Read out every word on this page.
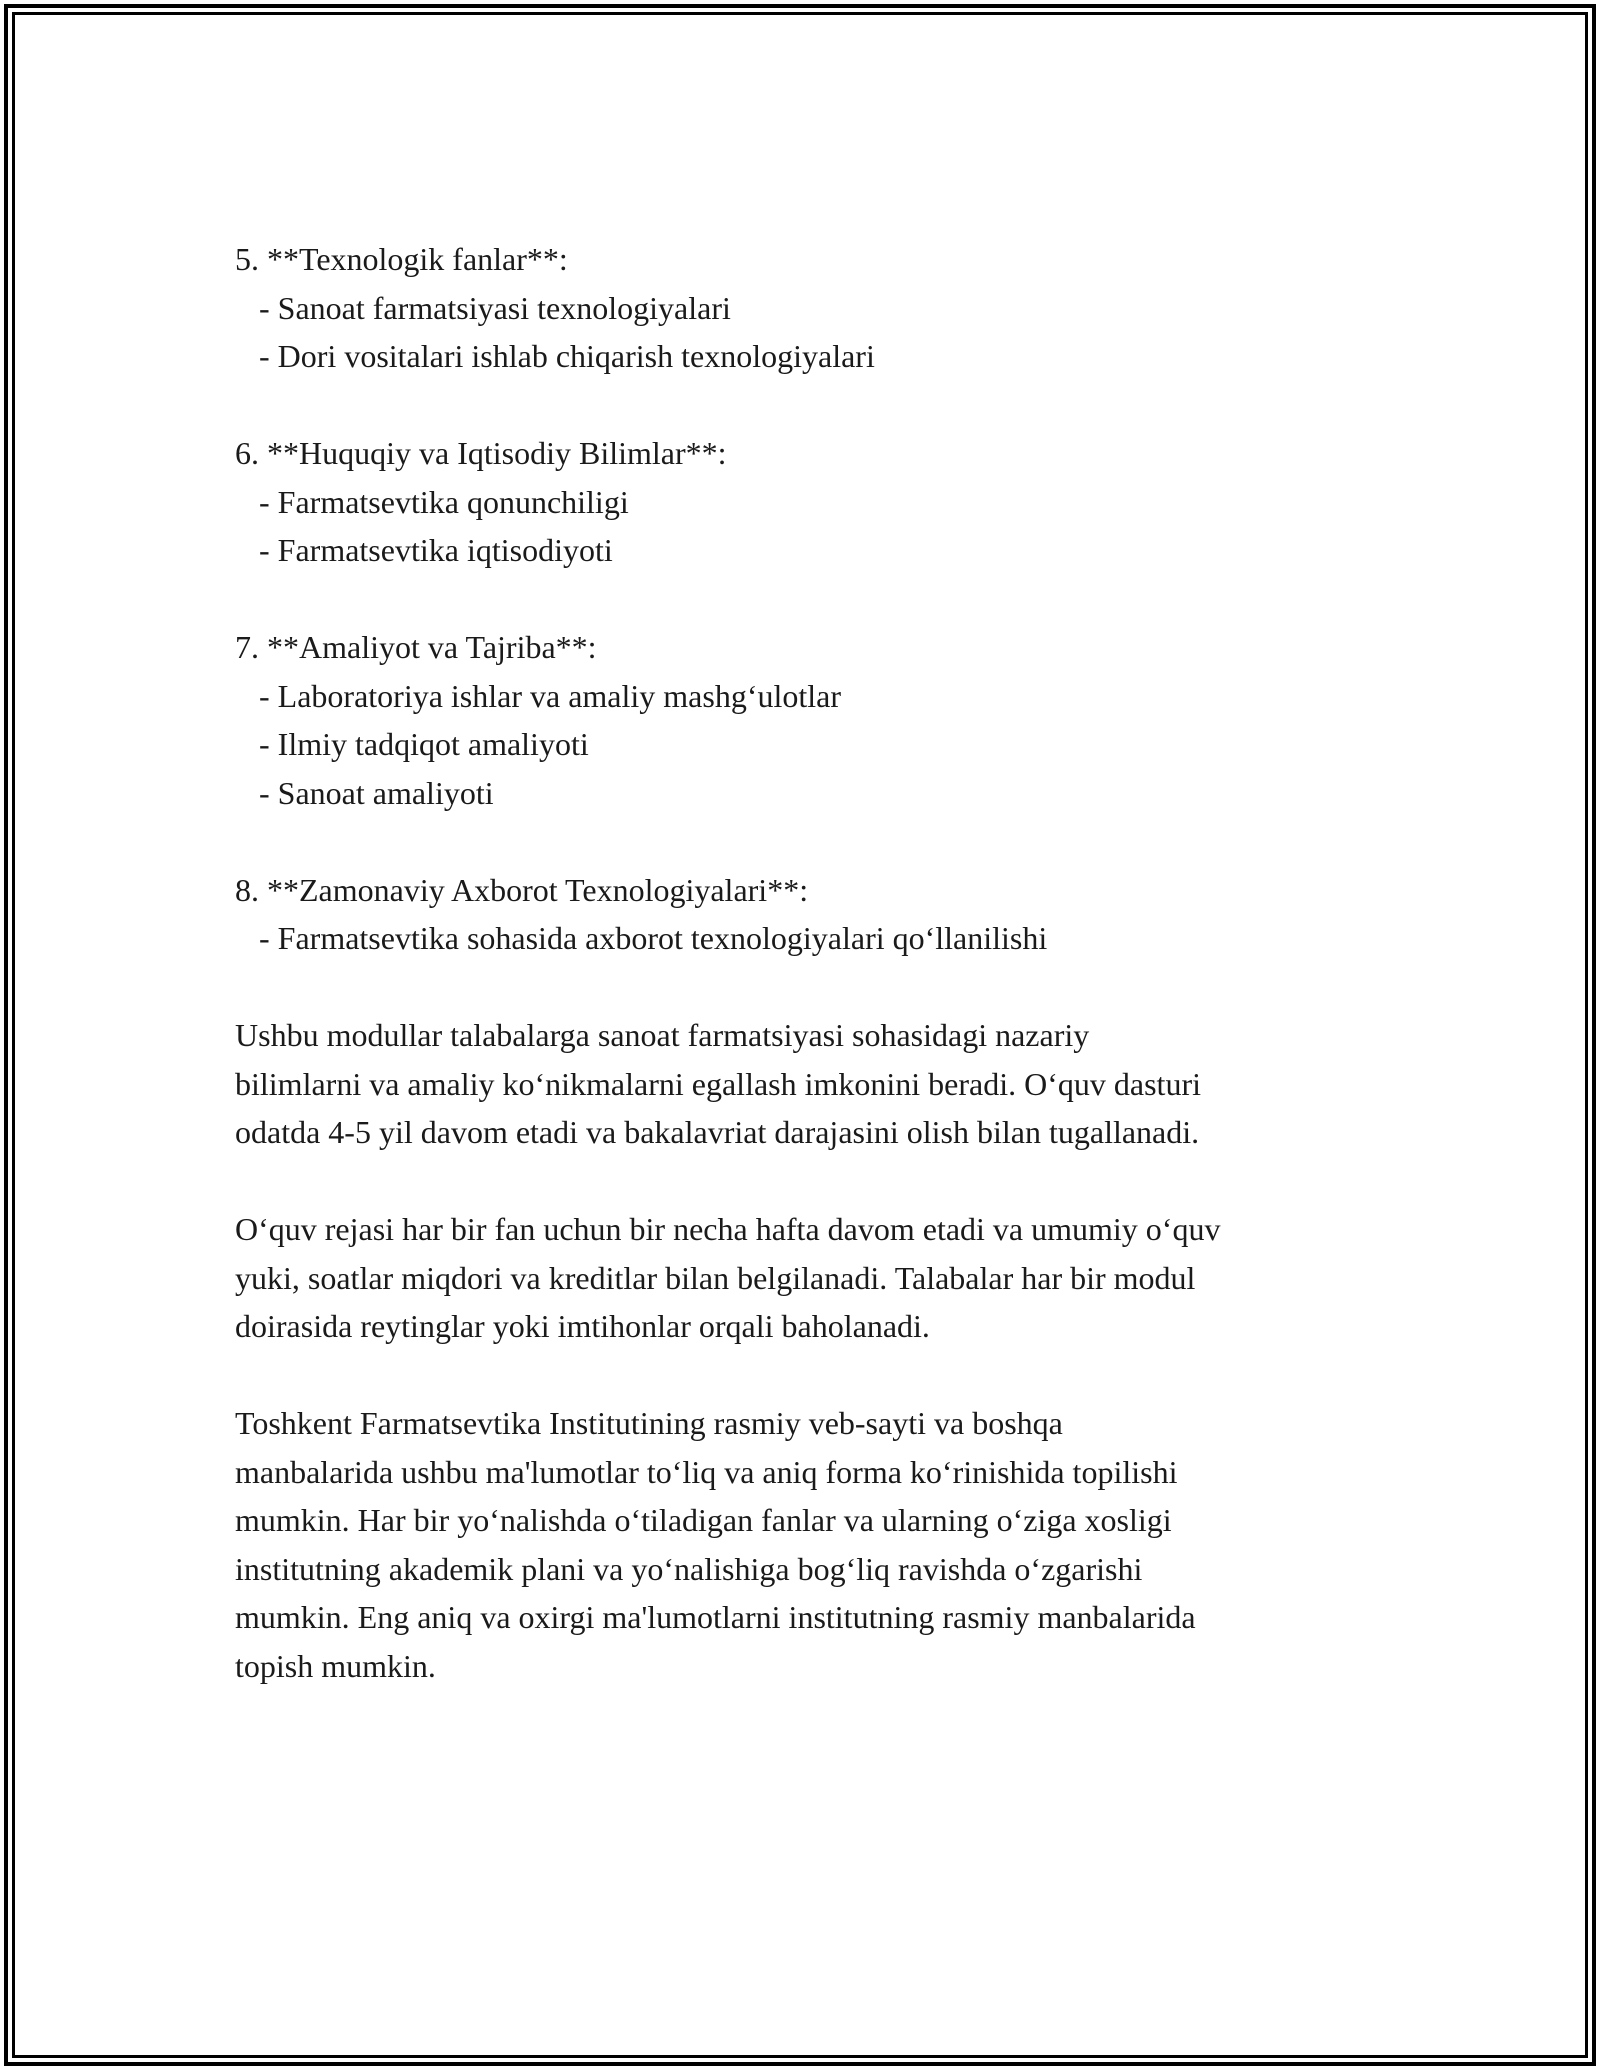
5. **Texnologik fanlar**:
- Sanoat farmatsiyasi texnologiyalari
- Dori vositalari ishlab chiqarish texnologiyalari
6. **Huquqiy va Iqtisodiy Bilimlar**:
- Farmatsevtika qonunchiligi
- Farmatsevtika iqtisodiyoti
7. **Amaliyot va Tajriba**:
- Laboratoriya ishlar va amaliy mashg‘ulotlar
- Ilmiy tadqiqot amaliyoti
- Sanoat amaliyoti
8. **Zamonaviy Axborot Texnologiyalari**:
- Farmatsevtika sohasida axborot texnologiyalari qo‘llanilishi
Ushbu modullar talabalarga sanoat farmatsiyasi sohasidagi nazariy
bilimlarni va amaliy ko‘nikmalarni egallash imkonini beradi. O‘quv dasturi
odatda 4-5 yil davom etadi va bakalavriat darajasini olish bilan tugallanadi.
O‘quv rejasi har bir fan uchun bir necha hafta davom etadi va umumiy o‘quv
yuki, soatlar miqdori va kreditlar bilan belgilanadi. Talabalar har bir modul
doirasida reytinglar yoki imtihonlar orqali baholanadi.
Toshkent Farmatsevtika Institutining rasmiy veb-sayti va boshqa
manbalarida ushbu ma'lumotlar to‘liq va aniq forma ko‘rinishida topilishi
mumkin. Har bir yo‘nalishda o‘tiladigan fanlar va ularning o‘ziga xosligi
institutning akademik plani va yo‘nalishiga bog‘liq ravishda o‘zgarishi
mumkin. Eng aniq va oxirgi ma'lumotlarni institutning rasmiy manbalarida
topish mumkin.
